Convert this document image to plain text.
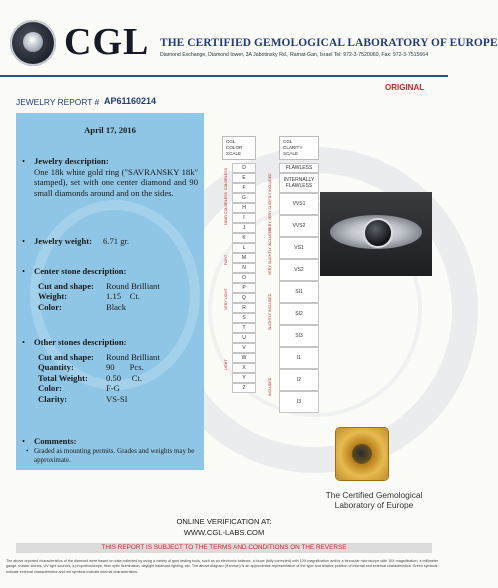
CGL THE CERTIFIED GEMOLOGICAL LABORATORY OF EUROPE
Diamond Exchange, Diamond tower, 3A Jabotinsky Rd., Ramat-Gan, Israel Tel: 972-3-7520060, Fax: 972-3-7515664
ORIGINAL
JEWELRY REPORT # AP61160214
April 17, 2016
• Jewelry description:
One 18k white gold ring ("SAVRANSKY 18k" stamped), set with one center diamond and 90 small diamonds around and on the sides.
• Jewelry weight: 6.71 gr.
• Center stone description:
Cut and shape:	Round Brilliant
Weight:	1.15    Ct.
Color:	Black
• Other stones description:
Cut and shape:	Round Brilliant
Quantity:	90       Pcs.
Total Weight:	0.50     Ct.
Color:	F-G
Clarity:	VS-SI
• Comments:
• Graded as mounting permits. Grades and weights may be approximate.
CGL
COLOR
SCALE
D
E
F
G
H
I
J
K
L
M
N
O
P
Q
R
S
T
U
V
W
X
Y
Z
COLORLESS
NEAR COLORLESS
FAINT
VERY LIGHT
LIGHT
CGL
CLARITY
SCALE
FLAWLESS
INTERNALLY FLAWLESS
VVS1
VVS2
VS1
VS2
SI1
SI2
SI3
I1
I2
I3
VERY VERY SLIGHTLY INCLUDED
VERY SLIGHTLY INCLUDED
SLIGHTLY INCLUDED
INCLUDED
The Certified Gemological
Laboratory of Europe
ONLINE VERIFICATION AT:
WWW.CGL-LABS.COM
THIS REPORT IS SUBJECT TO THE TERMS AND CONDITIONS ON THE REVERSE
The above reported characteristics of the diamond were based on data collected by using a variety of gem testing tools, such as an electronic balance, a loupe (fully corrected) with 10X magnification and/or a binocular microscope with 10X magnification, a millimeter gauge, master stones, UV light sources, a proportionscope, fiber optic illumination, daylight balanced lighting, etc. The above diagram (if shown) is an approximate representation of the type and relative position of internal and external characteristics. Green symbols indicate external characteristics and red symbols indicate internal characteristics.
